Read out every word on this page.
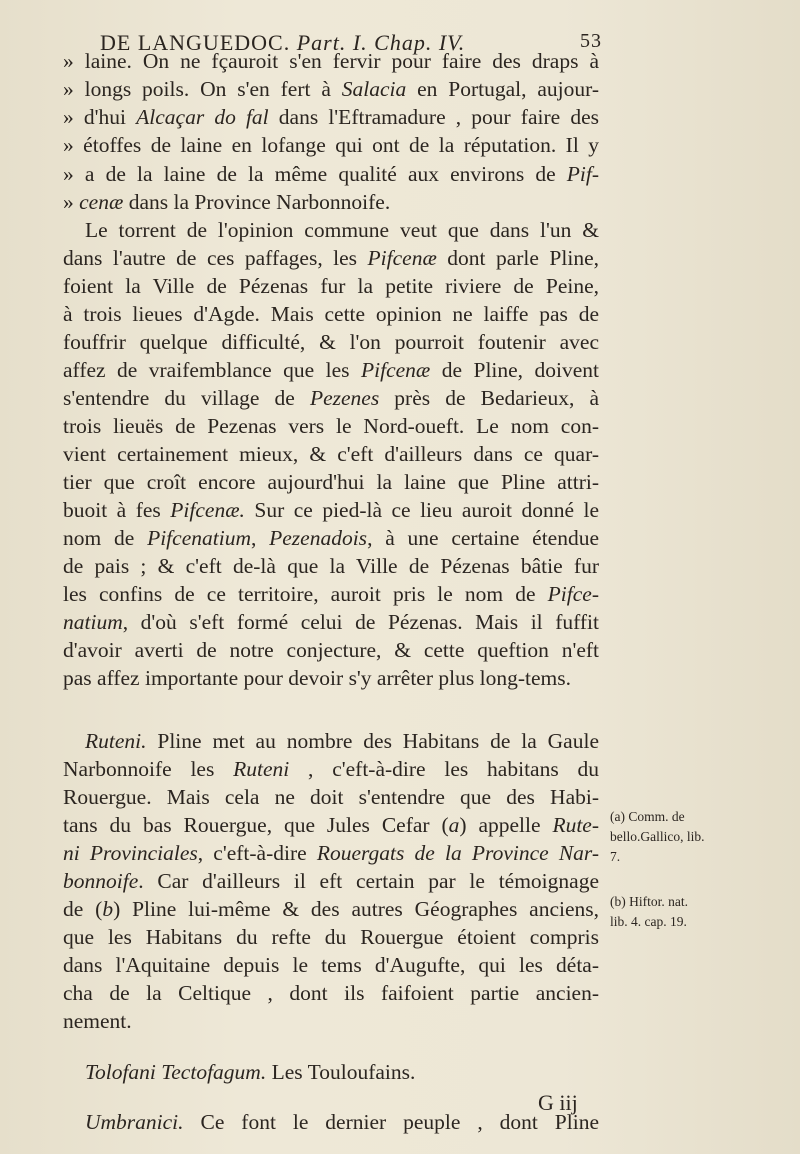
DE LANGUEDOC. Part. I. Chap. IV.	53
» laine. On ne fçauroit s'en fervir pour faire des draps à
» longs poils. On s'en fert à Salacia en Portugal, aujour-
» d'hui Alcaçar do fal dans l'Eftramadure , pour faire des
» étoffes de laine en lofange qui ont de la réputation. Il y
» a de la laine de la même qualité aux environs de Pif-
» cenæ dans la Province Narbonnoife.
Le torrent de l'opinion commune veut que dans l'un &
dans l'autre de ces paffages, les Pifcenæ dont parle Pline,
foient la Ville de Pézenas fur la petite riviere de Peine,
à trois lieues d'Agde. Mais cette opinion ne laiffe pas de
fouffrir quelque difficulté, & l'on pourroit foutenir avec
affez de vraifemblance que les Pifcenæ de Pline, doivent
s'entendre du village de Pezenes près de Bedarieux, à
trois lieuës de Pezenas vers le Nord-oueft. Le nom con-
vient certainement mieux, & c'eft d'ailleurs dans ce quar-
tier que croît encore aujourd'hui la laine que Pline attri-
buoit à fes Pifcenæ. Sur ce pied-là ce lieu auroit donné le
nom de Pifcenatium, Pezenadois, à une certaine étendue
de pais ; & c'eft de-là que la Ville de Pézenas bâtie fur
les confins de ce territoire, auroit pris le nom de Pifce-
natium, d'où s'eft formé celui de Pézenas. Mais il fuffit
d'avoir averti de notre conjecture, & cette queftion n'eft
pas affez importante pour devoir s'y arrêter plus long-tems.
Ruteni. Pline met au nombre des Habitans de la Gaule
Narbonnoife les Ruteni , c'eft-à-dire les habitans du
Rouergue. Mais cela ne doit s'entendre que des Habi-
tans du bas Rouergue, que Jules Cefar (a) appelle Rute-
ni Provinciales, c'eft-à-dire Rouergats de la Province Nar-
bonnoife. Car d'ailleurs il eft certain par le témoignage
de (b) Pline lui-même & des autres Géographes anciens,
que les Habitans du refte du Rouergue étoient compris
dans l'Aquitaine depuis le tems d'Augufte, qui les déta-
cha de la Celtique , dont ils faifoient partie ancien-
nement.
Tolofani Tectofagum. Les Touloufains.
Umbranici. Ce font le dernier peuple , dont Pline
(a) Comm. de
bello.Gallico, lib.
7.
(b) Hiftor. nat.
lib. 4. cap. 19.
G iij
